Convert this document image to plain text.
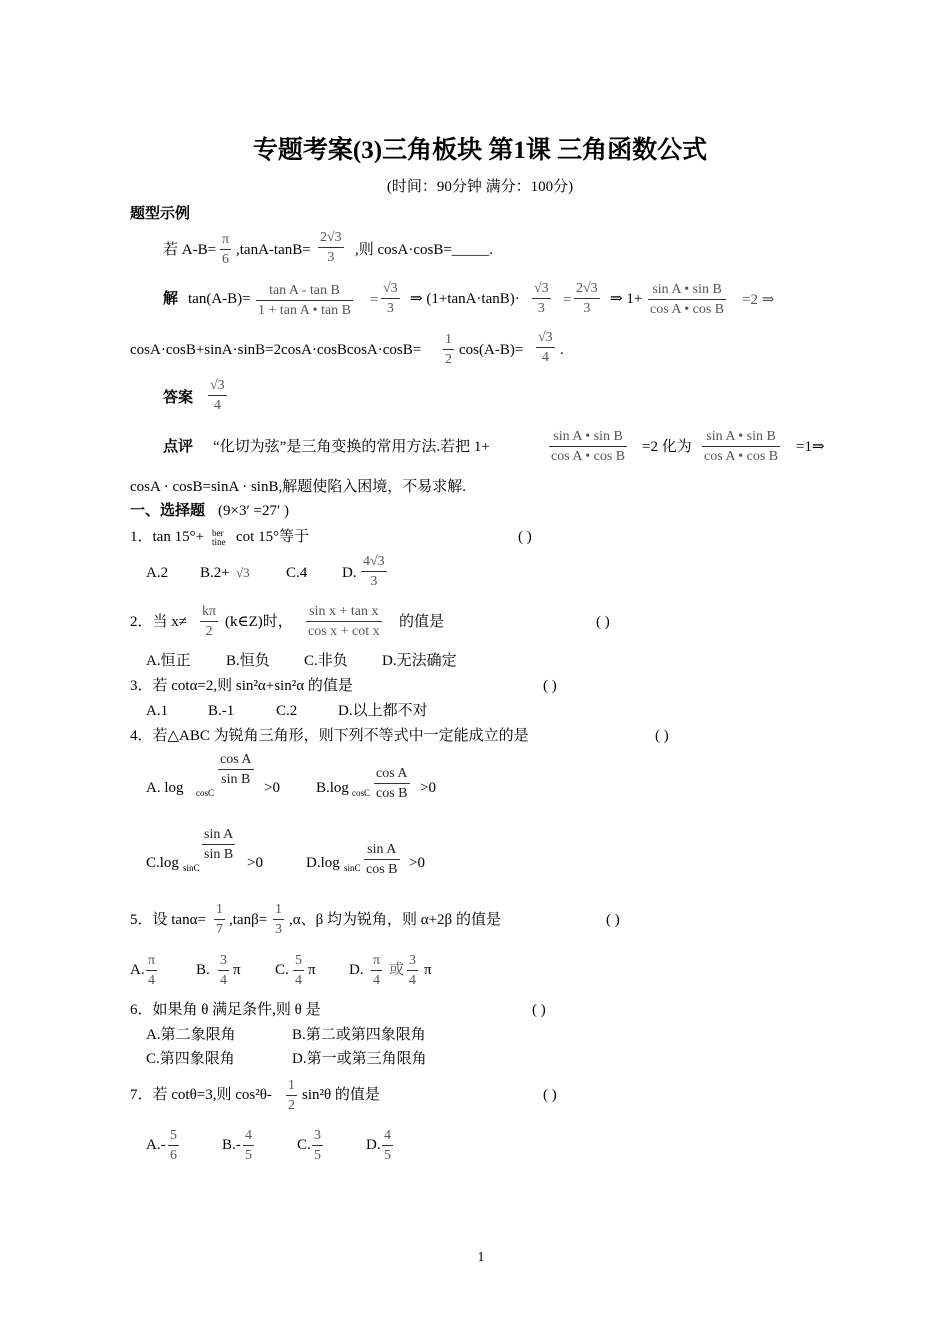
专题考案(3)三角板块 第1课 三角函数公式
(时间：90分钟 满分：100分)
题型示例
若 $A-B= \frac{\pi}{6} ,\tan A-\tan B= \frac{2√3}{3}$ ,则 cosA·cosB=_____.
解 $\tan(A-B)= \frac{\text{tan A - tan B}}{\text{1 + tan A • tan B}} = \frac{√3}{3}$ ⇒ $(1+\tan A\cdot\tan B)\cdot \frac{√3}{3} = \frac{2√3}{3}$ ⇒ $1+ \frac{\text{sin A • sin B}}{\text{cos A • cos B}} =2$ ⇒
cosA·cosB+sinA·sinB=2cosA·cosBcosA·cosB= $\frac{1}{2} \cos(A-B)= \frac{√3}{4}$ .
答案 $\frac{√3}{4}$
点评 “化切为弦”是三角变换的常用方法.若把 1+	$\frac{\text{sin A • sin B}}{\text{cos A • cos B}} =2$ 化为 $\frac{\text{sin A • sin B}}{\text{cos A • cos B}}$ =1⇒
cosA · cosB=sinA · sinB,解题使陷入困境，不易求解.
一、选择题 (9×3′ =27′ )
1．tan 15°+ ber
tine cot 15°等于	( )
A.2 B.2+ √3 C.4 D. $\frac{4√3}{3}$
2．当 $x\ne \frac{k\pi}{2}$ (k∈Z)时， $\frac{\text{sin x + tan x}}{\text{cos x + cot x}}$ 的值是	( )
A.恒正 B.恒负 C.非负 D.无法确定
3．若 cotα=2,则 sin²α+sin²α 的值是	( )
A.1	B.-1	C.2	D.以上都不对
4．若△ABC 为锐角三角形，则下列不等式中一定能成立的是	( )
A. log cosC
$\frac{\text{cos A}}{\text{sin B}}$
>0 B.log cosC $\frac{\text{cos A}}{\text{cos B}} >0$
C.log sinC
$\frac{\text{sin A}}{\text{sin B}}$
>0	D.log sinC $\frac{\text{sin A}}{\text{cos B}} >0$
5．设 $\tan\alpha= \frac{1}{7} ,\tan\beta= \frac{1}{3} ,\alpha$、β 均为锐角，则 α+2β 的值是	( )
A. $\frac{\pi}{4}$	B. $\frac{3}{4}$ π C. $\frac{5}{4}$ π D. $\frac{\pi}{4}$ 或 $\frac{3}{4}$ π
6．如果角 θ 满足条件,则 θ 是	( )
A.第二象限角	B.第二或第四象限角
C.第四象限角	D.第一或第三角限角
7．若 cotθ=3,则 $\cos^2\theta- \frac{1}{2} \sin^2\theta$ 的值是	( )
$A.- \frac{5}{6}$	$B.- \frac{4}{5}$	C. $\frac{3}{5}$	D. $\frac{4}{5}$
1
